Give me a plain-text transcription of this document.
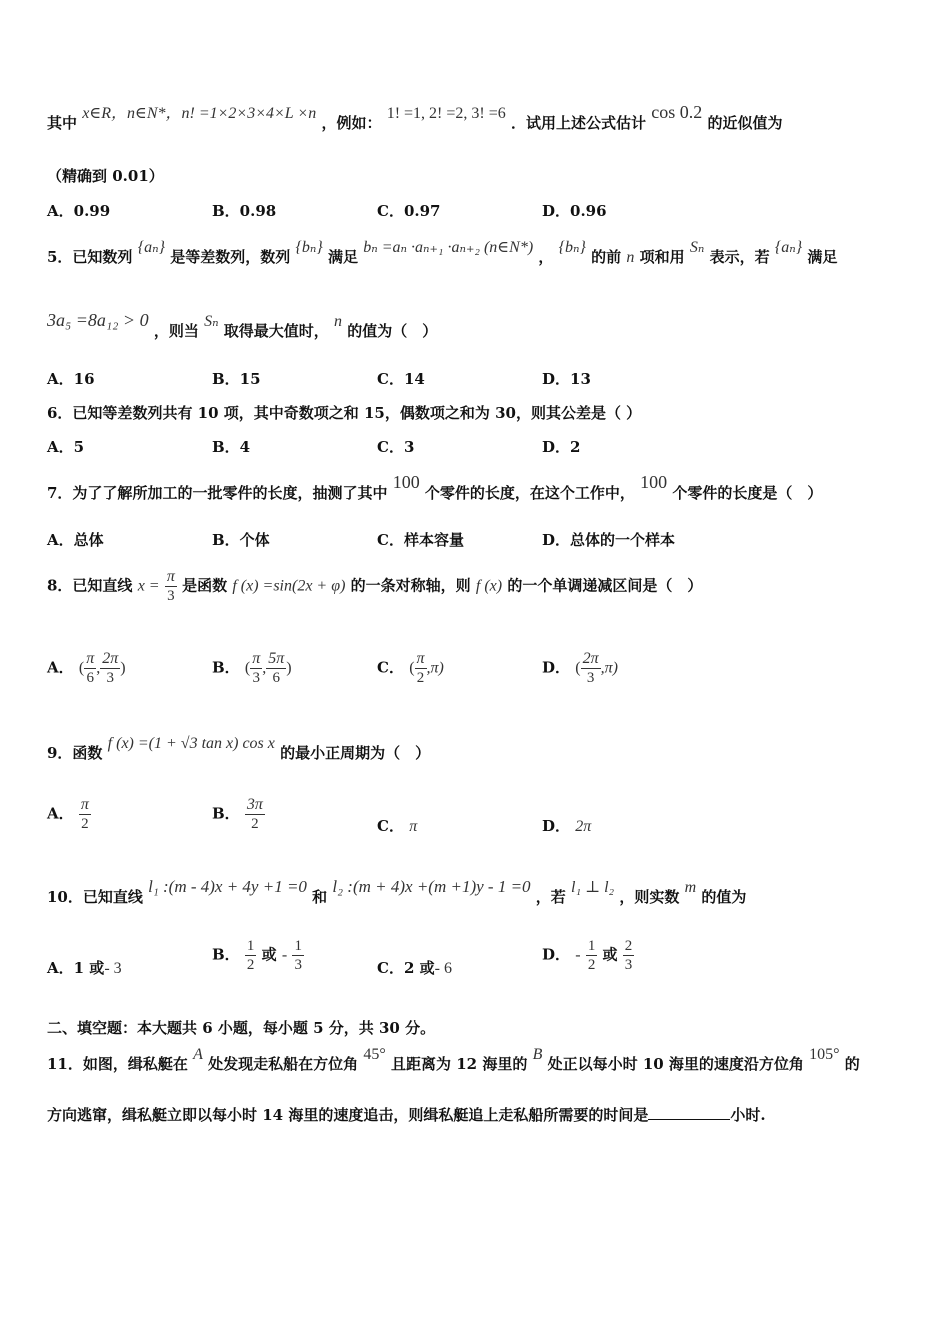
其中 x∈R，n∈N*，n! =1×2×3×4×L ×n ，例如： 1! =1, 2! =2, 3! =6 ．试用上述公式估计 cos 0.2 的近似值为
（精确到 0.01）
A．0.99	B．0.98	C．0.97	D．0.96
5．已知数列 {aₙ} 是等差数列，数列 {bₙ} 满足 bₙ =aₙ ·aₙ₊₁ ·aₙ₊₂ (n∈N*) ， {bₙ} 的前 n 项和用 Sₙ 表示，若 {aₙ} 满足
3a₅ =8a₁₂ > 0 ，则当 Sₙ 取得最大值时， n 的值为（　）
A．16	B．15	C．14	D．13
6．已知等差数列共有 10 项，其中奇数项之和 15，偶数项之和为 30，则其公差是（ ）
A．5	B．4	C．3	D．2
7．为了了解所加工的一批零件的长度，抽测了其中 100 个零件的长度，在这个工作中， 100 个零件的长度是（　）
A．总体	B．个体	C．样本容量	D．总体的一个样本
8．已知直线 $x = \frac{\pi}{3}$ 是函数 f (x) =sin(2x + φ) 的一条对称轴，则 f (x) 的一个单调递减区间是（　）
A． ( $\frac{\pi}{6}$ , $\frac{2\pi}{3}$ )	B． ( $\frac{\pi}{3}$ , $\frac{5\pi}{6}$ )	C． ( $\frac{\pi}{2} ,\pi$)	D． ( $\frac{2\pi}{3} ,\pi$)
9．函数 f (x) =(1 + √3 tan x) cos x 的最小正周期为（　）
A． $\frac{\pi}{2}$	B． $\frac{3\pi}{2}$	C． π	D． 2π
10．已知直线 l₁ :(m - 4)x + 4y +1 =0 和 l₂ :(m + 4)x +(m +1)y - 1 =0 ，若 l₁ ⊥ l₂ ，则实数 m 的值为
A．1 或- 3
B． $\frac{1}{2}$ 或 - $\frac{1}{3}$	C．2 或- 6
D． - $\frac{1}{2}$ 或 $\frac{2}{3}$
二、填空题：本大题共 6 小题，每小题 5 分，共 30 分。
11．如图，缉私艇在 A 处发现走私船在方位角 45° 且距离为 12 海里的 B 处正以每小时 10 海里的速度沿方位角 105° 的
方向逃窜，缉私艇立即以每小时 14 海里的速度追击，则缉私艇追上走私船所需要的时间是	小时.
